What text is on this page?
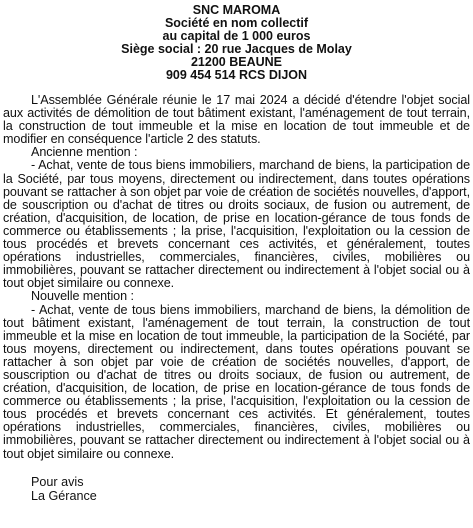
SNC MAROMA
Société en nom collectif
au capital de 1 000 euros
Siège social : 20 rue Jacques de Molay
21200 BEAUNE
909 454 514 RCS DIJON

L'Assemblée Générale réunie le 17 mai 2024 a décidé d'étendre l'objet social aux activités de démolition de tout bâtiment existant, l'aménagement de tout terrain, la construction de tout immeuble et la mise en location de tout immeuble et de modifier en conséquence l'article 2 des statuts.

Ancienne mention :

- Achat, vente de tous biens immobiliers, marchand de biens, la participation de la Société, par tous moyens, directement ou indirectement, dans toutes opérations pouvant se rattacher à son objet par voie de création de sociétés nouvelles, d'apport, de souscription ou d'achat de titres ou droits sociaux, de fusion ou autrement, de création, d'acquisition, de location, de prise en location-gérance de tous fonds de commerce ou établissements ; la prise, l'acquisition, l'exploitation ou la cession de tous procédés et brevets concernant ces activités, et généralement, toutes opérations industrielles, commerciales, financières, civiles, mobilières ou immobilières, pouvant se rattacher directement ou indirectement à l'objet social ou à tout objet similaire ou connexe.

Nouvelle mention :

- Achat, vente de tous biens immobiliers, marchand de biens, la démolition de tout bâtiment existant, l'aménagement de tout terrain, la construction de tout immeuble et la mise en location de tout immeuble, la participation de la Société, par tous moyens, directement ou indirectement, dans toutes opérations pouvant se rattacher à son objet par voie de création de sociétés nouvelles, d'apport, de souscription ou d'achat de titres ou droits sociaux, de fusion ou autrement, de création, d'acquisition, de location, de prise en location-gérance de tous fonds de commerce ou établissements ; la prise, l'acquisition, l'exploitation ou la cession de tous procédés et brevets concernant ces activités. Et généralement, toutes opérations industrielles, commerciales, financières, civiles, mobilières ou immobilières, pouvant se rattacher directement ou indirectement à l'objet social ou à tout objet similaire ou connexe.

Pour avis
La Gérance
